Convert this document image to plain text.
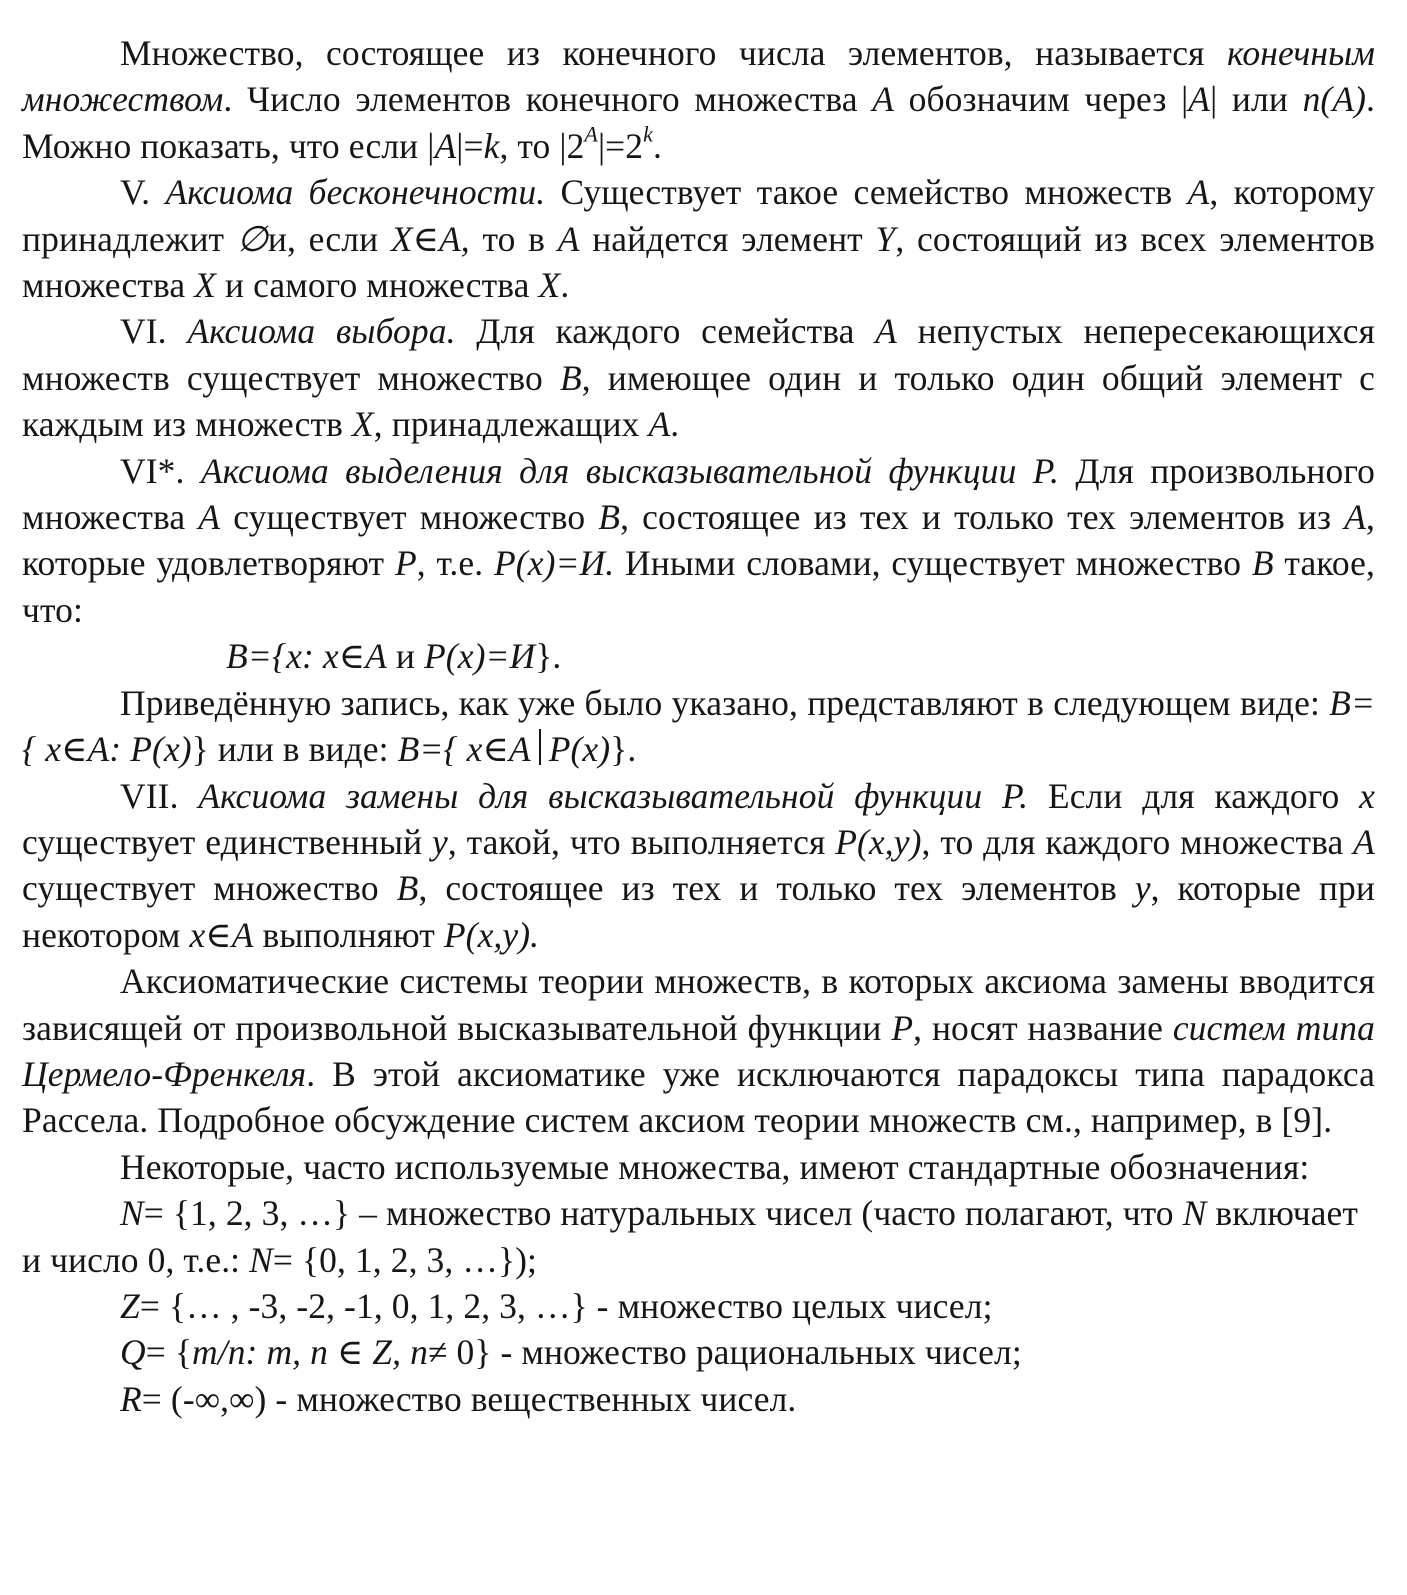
Множество, состоящее из конечного числа элементов, называется конечным множеством. Число элементов конечного множества A обозначим через |A| или n(A). Можно показать, что если |A|=k, то $|2^A|=2^k$.

V. Аксиома бесконечности. Существует такое семейство множеств A, которому принадлежит ∅и, если X∈A, то в A найдется элемент Y, состоящий из всех элементов множества X и самого множества X.

VI. Аксиома выбора. Для каждого семейства A непустых непересекающихся множеств существует множество B, имеющее один и только один общий элемент с каждым из множеств X, принадлежащих A.

VI*. Аксиома выделения для высказывательной функции P. Для произвольного множества A существует множество B, состоящее из тех и только тех элементов из A, которые удовлетворяют P, т.е. P(x)=И. Иными словами, существует множество B такое, что:

B={x: x∈A и P(x)=И}.

Приведённую запись, как уже было указано, представляют в следующем виде: B={ x∈A: P(x)} или в виде: B={ x∈A P(x)}.

VII. Аксиома замены для высказывательной функции P. Если для каждого x существует единственный y, такой, что выполняется P(x,y), то для каждого множества A существует множество B, состоящее из тех и только тех элементов y, которые при некотором x∈A выполняют P(x,y).

Аксиоматические системы теории множеств, в которых аксиома замены вводится зависящей от произвольной высказывательной функции P, носят название систем типа Цермело-Френкеля. В этой аксиоматике уже исключаются парадоксы типа парадокса Рассела. Подробное обсуждение систем аксиом теории множеств см., например, в [9].

Некоторые, часто используемые множества, имеют стандартные обозначения:

N= {1, 2, 3, …} – множество натуральных чисел (часто полагают, что N включает и число 0, т.е.: N= {0, 1, 2, 3, …});

Z= {… , -3, -2, -1, 0, 1, 2, 3, …} - множество целых чисел;

Q= {m/n: m, n ∈ Z, n≠ 0} - множество рациональных чисел;

R= (-∞,∞) - множество вещественных чисел.
